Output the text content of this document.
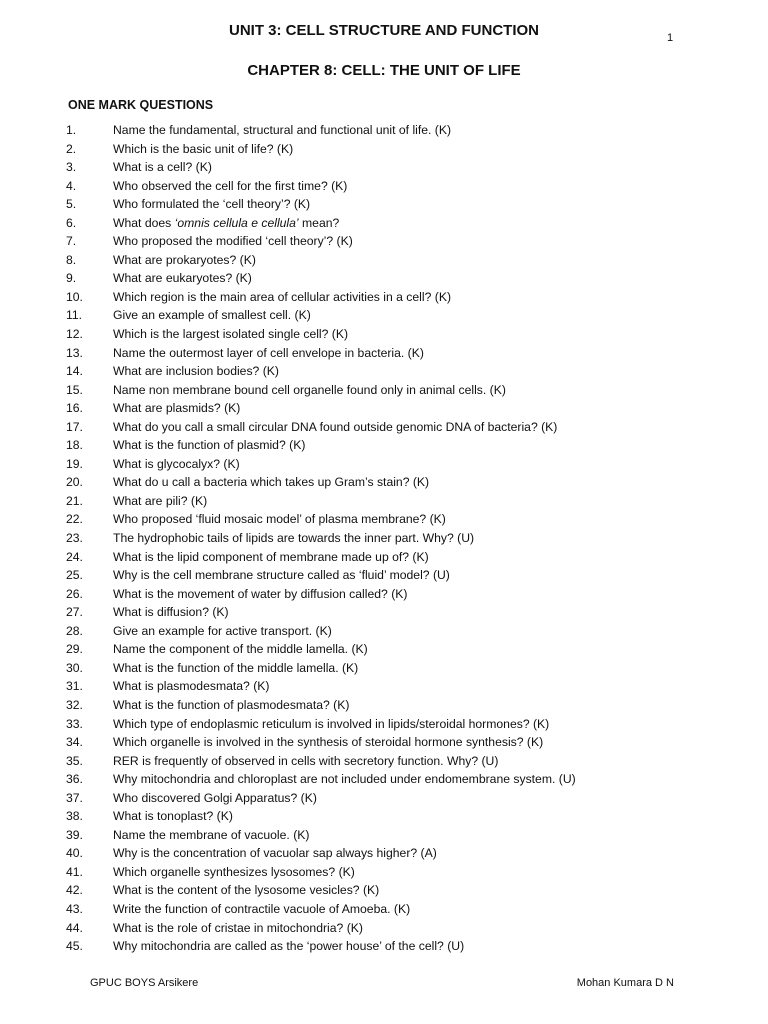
UNIT 3: CELL STRUCTURE AND FUNCTION	1
CHAPTER 8: CELL: THE UNIT OF LIFE
ONE MARK QUESTIONS
1.	Name the fundamental, structural and functional unit of life. (K)
2.	Which is the basic unit of life? (K)
3.	What is a cell? (K)
4.	Who observed the cell for the first time? (K)
5.	Who formulated the ‘cell theory’? (K)
6.	What does ‘omnis cellula e cellula’ mean?
7.	Who proposed the modified ‘cell theory’? (K)
8.	What are prokaryotes? (K)
9.	What are eukaryotes? (K)
10.	Which region is the main area of cellular activities in a cell? (K)
11.	Give an example of smallest cell. (K)
12.	Which is the largest isolated single cell? (K)
13.	Name the outermost layer of cell envelope in bacteria. (K)
14.	What are inclusion bodies? (K)
15.	Name non membrane bound cell organelle found only in animal cells. (K)
16.	What are plasmids? (K)
17.	What do you call a small circular DNA found outside genomic DNA of bacteria? (K)
18.	What is the function of plasmid? (K)
19.	What is glycocalyx? (K)
20.	What do u call a bacteria which takes up Gram’s stain? (K)
21.	What are pili? (K)
22.	Who proposed ‘fluid mosaic model’ of plasma membrane? (K)
23.	The hydrophobic tails of lipids are towards the inner part. Why? (U)
24.	What is the lipid component of membrane made up of? (K)
25.	Why is the cell membrane structure called as ‘fluid’ model? (U)
26.	What is the movement of water by diffusion called? (K)
27.	What is diffusion? (K)
28.	Give an example for active transport. (K)
29.	Name the component of the middle lamella. (K)
30.	What is the function of the middle lamella. (K)
31.	What is plasmodesmata? (K)
32.	What is the function of plasmodesmata? (K)
33.	Which type of endoplasmic reticulum is involved in lipids/steroidal hormones? (K)
34.	Which organelle is involved in the synthesis of steroidal hormone synthesis? (K)
35.	RER is frequently of observed in cells with secretory function. Why? (U)
36.	Why mitochondria and chloroplast are not included under endomembrane system. (U)
37.	Who discovered Golgi Apparatus? (K)
38.	What is tonoplast? (K)
39.	Name the membrane of vacuole. (K)
40.	Why is the concentration of vacuolar sap always higher? (A)
41.	Which organelle synthesizes lysosomes? (K)
42.	What is the content of the lysosome vesicles? (K)
43.	Write the function of contractile vacuole of Amoeba. (K)
44.	What is the role of cristae in mitochondria? (K)
45.	Why mitochondria are called as the ‘power house’ of the cell? (U)
GPUC BOYS Arsikere	Mohan Kumara D N
